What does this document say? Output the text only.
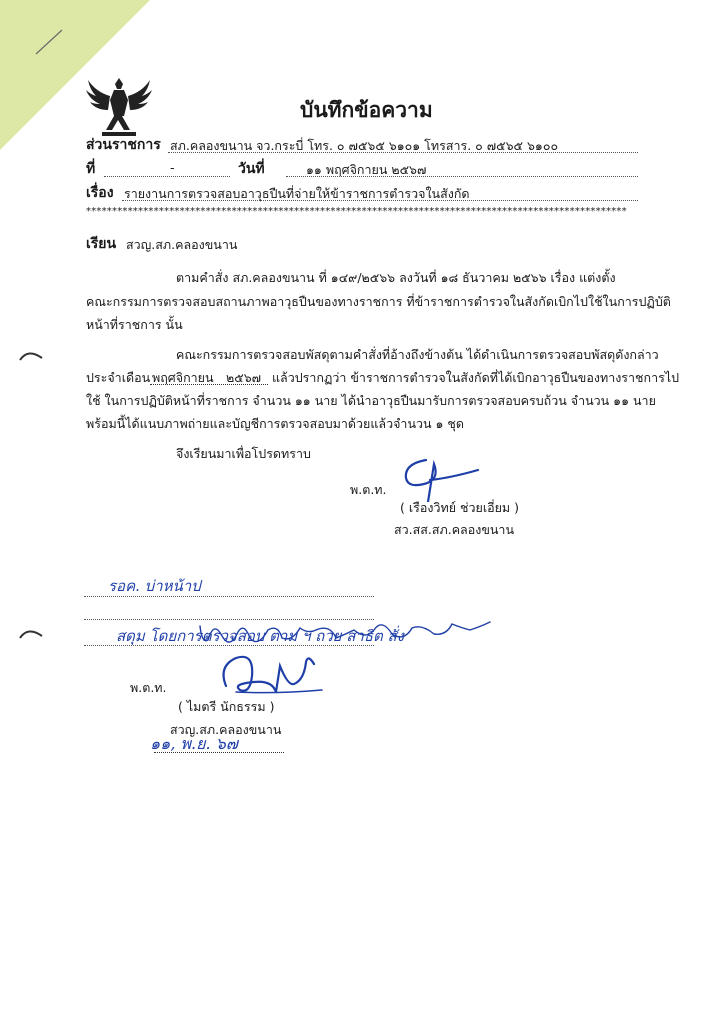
บันทึกข้อความ
ส่วนราชการ สภ.คลองขนาน จว.กระบี่ โทร. ๐ ๗๕๖๕ ๖๑๐๑ โทรสาร. ๐ ๗๕๖๕ ๖๑๐๐
ที่	-	วันที่	๑๑ พฤศจิกายน ๒๕๖๗
เรื่อง รายงานการตรวจสอบอาวุธปืนที่จ่ายให้ข้าราชการตำรวจในสังกัด
********************************************************************************************************
เรียน สวญ.สภ.คลองขนาน
ตามคำสั่ง สภ.คลองขนาน ที่ ๑๔๙/๒๕๖๖ ลงวันที่ ๑๘ ธันวาคม ๒๕๖๖ เรื่อง แต่งตั้ง
คณะกรรมการตรวจสอบสถานภาพอาวุธปืนของทางราชการ ที่ข้าราชการตำรวจในสังกัดเบิกไปใช้ในการปฏิบัติ
หน้าที่ราชการ นั้น
คณะกรรมการตรวจสอบพัสดุตามคำสั่งที่อ้างถึงข้างต้น ได้ดำเนินการตรวจสอบพัสดุดังกล่าว
ประจำเดือน พฤศจิกายน ๒๕๖๗ แล้วปรากฏว่า ข้าราชการตำรวจในสังกัดที่ได้เบิกอาวุธปืนของทางราชการไป
ใช้ ในการปฏิบัติหน้าที่ราชการ จำนวน ๑๑ นาย ได้นำอาวุธปืนมารับการตรวจสอบครบถ้วน จำนวน ๑๑ นาย
พร้อมนี้ได้แนบภาพถ่ายและบัญชีการตรวจสอบมาด้วยแล้วจำนวน ๑ ชุด
จึงเรียนมาเพื่อโปรดทราบ
พ.ต.ท.
( เรืองวิทย์ ช่วยเอี่ยม )
สว.สส.สภ.คลองขนาน
รอค. บ่าหน้าป
สดุม โดยการตรวจสอบ ตาม ฯ ถวย สาธิต สั่ง
พ.ต.ท.
( ไมตรี นักธรรม )
สวญ.สภ.คลองขนาน
๑๑, พ.ย. ๖๗
